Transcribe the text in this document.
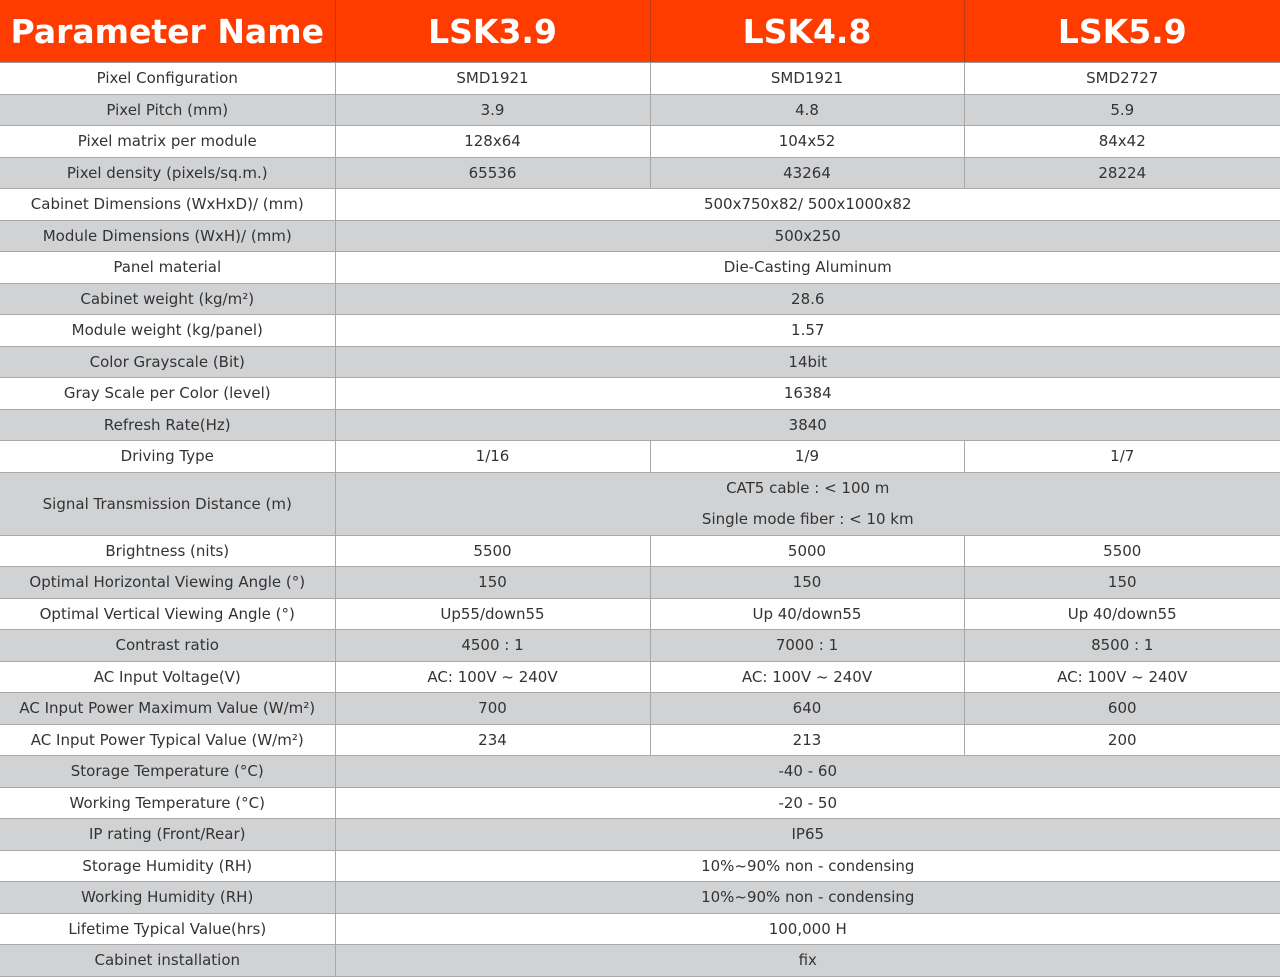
Parameter Name	LSK3.9	LSK4.8	LSK5.9
Pixel Configuration	SMD1921	SMD1921	SMD2727
Pixel Pitch (mm)	3.9	4.8	5.9
Pixel matrix per module	128x64	104x52	84x42
Pixel density (pixels/sq.m.)	65536	43264	28224
Cabinet Dimensions (WxHxD)/ (mm)	500x750x82/ 500x1000x82		
Module Dimensions (WxH)/ (mm)	500x250		
Panel material	Die-Casting Aluminum		
Cabinet weight (kg/m²)	28.6		
Module weight (kg/panel)	1.57		
Color Grayscale (Bit)	14bit		
Gray Scale per Color (level)	16384		
Refresh Rate(Hz)	3840		
Driving Type	1/16	1/9	1/7
Signal Transmission Distance (m)	CAT5 cable : < 100 m
Single mode fiber : < 10 km		

Brightness (nits)	5500	5000	5500
Optimal Horizontal Viewing Angle (°)	150	150	150
Optimal Vertical Viewing Angle (°)	Up55/down55	Up 40/down55	Up 40/down55
Contrast ratio	4500 : 1	7000 : 1	8500 : 1
AC Input Voltage(V)	AC: 100V ~ 240V	AC: 100V ~ 240V	AC: 100V ~ 240V
AC Input Power Maximum Value (W/m²)	700	640	600
AC Input Power Typical Value (W/m²)	234	213	200
Storage Temperature (°C)	-40 - 60		
Working Temperature (°C)	-20 - 50		
IP rating (Front/Rear)	IP65		
Storage Humidity (RH)	10%~90% non - condensing		
Working Humidity (RH)	10%~90% non - condensing		
Lifetime Typical Value(hrs)	100,000 H		
Cabinet installation	fix		
